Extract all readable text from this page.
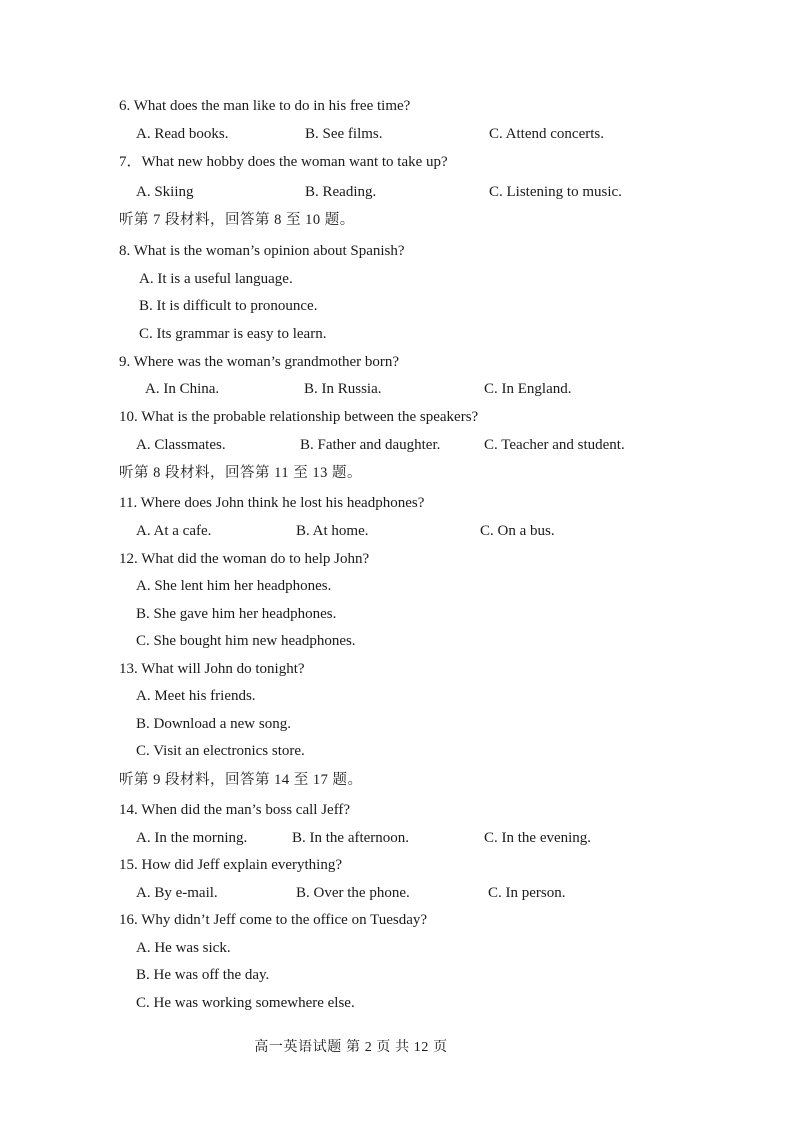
6. What does the man like to do in his free time?
A. Read books.	B. See films.	C. Attend concerts.
7．What new hobby does the woman want to take up?
A. Skiing	B. Reading.	C. Listening to music.
听第 7 段材料，回答第 8 至 10 题。
8. What is the woman’s opinion about Spanish?
A. It is a useful language.
B. It is difficult to pronounce.
C. Its grammar is easy to learn.
9. Where was the woman’s grandmother born?
A. In China.	B. In Russia.	C. In England.
10. What is the probable relationship between the speakers?
A. Classmates.	B. Father and daughter.	C. Teacher and student.
听第 8 段材料，回答第 11 至 13 题。
11. Where does John think he lost his headphones?
A. At a cafe.	B. At home.	C. On a bus.
12. What did the woman do to help John?
A. She lent him her headphones.
B. She gave him her headphones.
C. She bought him new headphones.
13. What will John do tonight?
A. Meet his friends.
B. Download a new song.
C. Visit an electronics store.
听第 9 段材料，回答第 14 至 17 题。
14. When did the man’s boss call Jeff?
A. In the morning.	B. In the afternoon.	C. In the evening.
15. How did Jeff explain everything?
A. By e-mail.	B. Over the phone.	C. In person.
16. Why didn’t Jeff come to the office on Tuesday?
A. He was sick.
B. He was off the day.
C. He was working somewhere else.
高一英语试题 第 2 页 共 12 页
